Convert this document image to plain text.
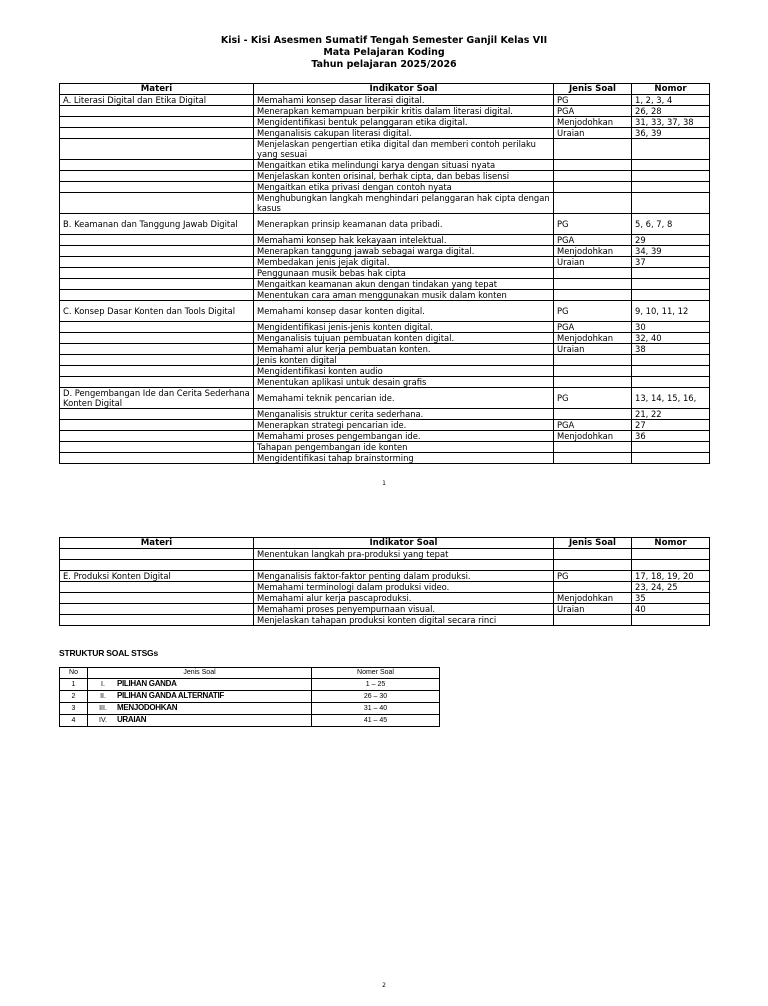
Kisi - Kisi Asesmen Sumatif Tengah Semester Ganjil Kelas VII
Mata Pelajaran Koding
Tahun pelajaran 2025/2026
Materi	Indikator Soal	Jenis Soal	Nomor
A. Literasi Digital dan Etika Digital	Memahami konsep dasar literasi digital.	PG	1, 2, 3, 4
	Menerapkan kemampuan berpikir kritis dalam literasi digital.	PGA	26, 28
	Mengidentifikasi bentuk pelanggaran etika digital.	Menjodohkan	31, 33, 37, 38
	Menganalisis cakupan literasi digital.	Uraian	36, 39
	Menjelaskan pengertian etika digital dan memberi contoh perilaku yang sesuai		
	Mengaitkan etika melindungi karya dengan situasi nyata		
	Menjelaskan konten orisinal, berhak cipta, dan bebas lisensi		
	Mengaitkan etika privasi dengan contoh nyata		
	Menghubungkan langkah menghindari pelanggaran hak cipta dengan kasus		
B. Keamanan dan Tanggung Jawab Digital	Menerapkan prinsip keamanan data pribadi.	PG	5, 6, 7, 8
	Memahami konsep hak kekayaan intelektual.	PGA	29
	Menerapkan tanggung jawab sebagai warga digital.	Menjodohkan	34, 39
	Membedakan jenis jejak digital.	Uraian	37
	Penggunaan musik bebas hak cipta		
	Mengaitkan keamanan akun dengan tindakan yang tepat		
	Menentukan cara aman menggunakan musik dalam konten		
C. Konsep Dasar Konten dan Tools Digital	Memahami konsep dasar konten digital.	PG	9, 10, 11, 12
	Mengidentifikasi jenis-jenis konten digital.	PGA	30
	Menganalisis tujuan pembuatan konten digital.	Menjodohkan	32, 40
	Memahami alur kerja pembuatan konten.	Uraian	38
	Jenis konten digital		
	Mengidentifikasi konten audio		
	Menentukan aplikasi untuk desain grafis		
D. Pengembangan Ide dan Cerita Sederhana Konten Digital	Memahami teknik pencarian ide.	PG	13, 14, 15, 16,
	Menganalisis struktur cerita sederhana.		21, 22
	Menerapkan strategi pencarian ide.	PGA	27
	Memahami proses pengembangan ide.	Menjodohkan	36
	Tahapan pengembangan ide konten		
	Mengidentifikasi tahap brainstorming		
1
Materi	Indikator Soal	Jenis Soal	Nomor
	Menentukan langkah pra-produksi yang tepat		

E. Produksi Konten Digital	Menganalisis faktor-faktor penting dalam produksi.	PG	17, 18, 19, 20
	Memahami terminologi dalam produksi video.		23, 24, 25
	Memahami alur kerja pascaproduksi.	Menjodohkan	35
	Memahami proses penyempurnaan visual.	Uraian	40
	Menjelaskan tahapan produksi konten digital secara rinci		
STRUKTUR SOAL STSGs
No	Jenis Soal	Nomer Soal
1	I. PILIHAN GANDA	1 – 25
2	II. PILIHAN GANDA ALTERNATIF	26 – 30
3	III. MENJODOHKAN	31 – 40
4	IV. URAIAN	41 – 45
2
